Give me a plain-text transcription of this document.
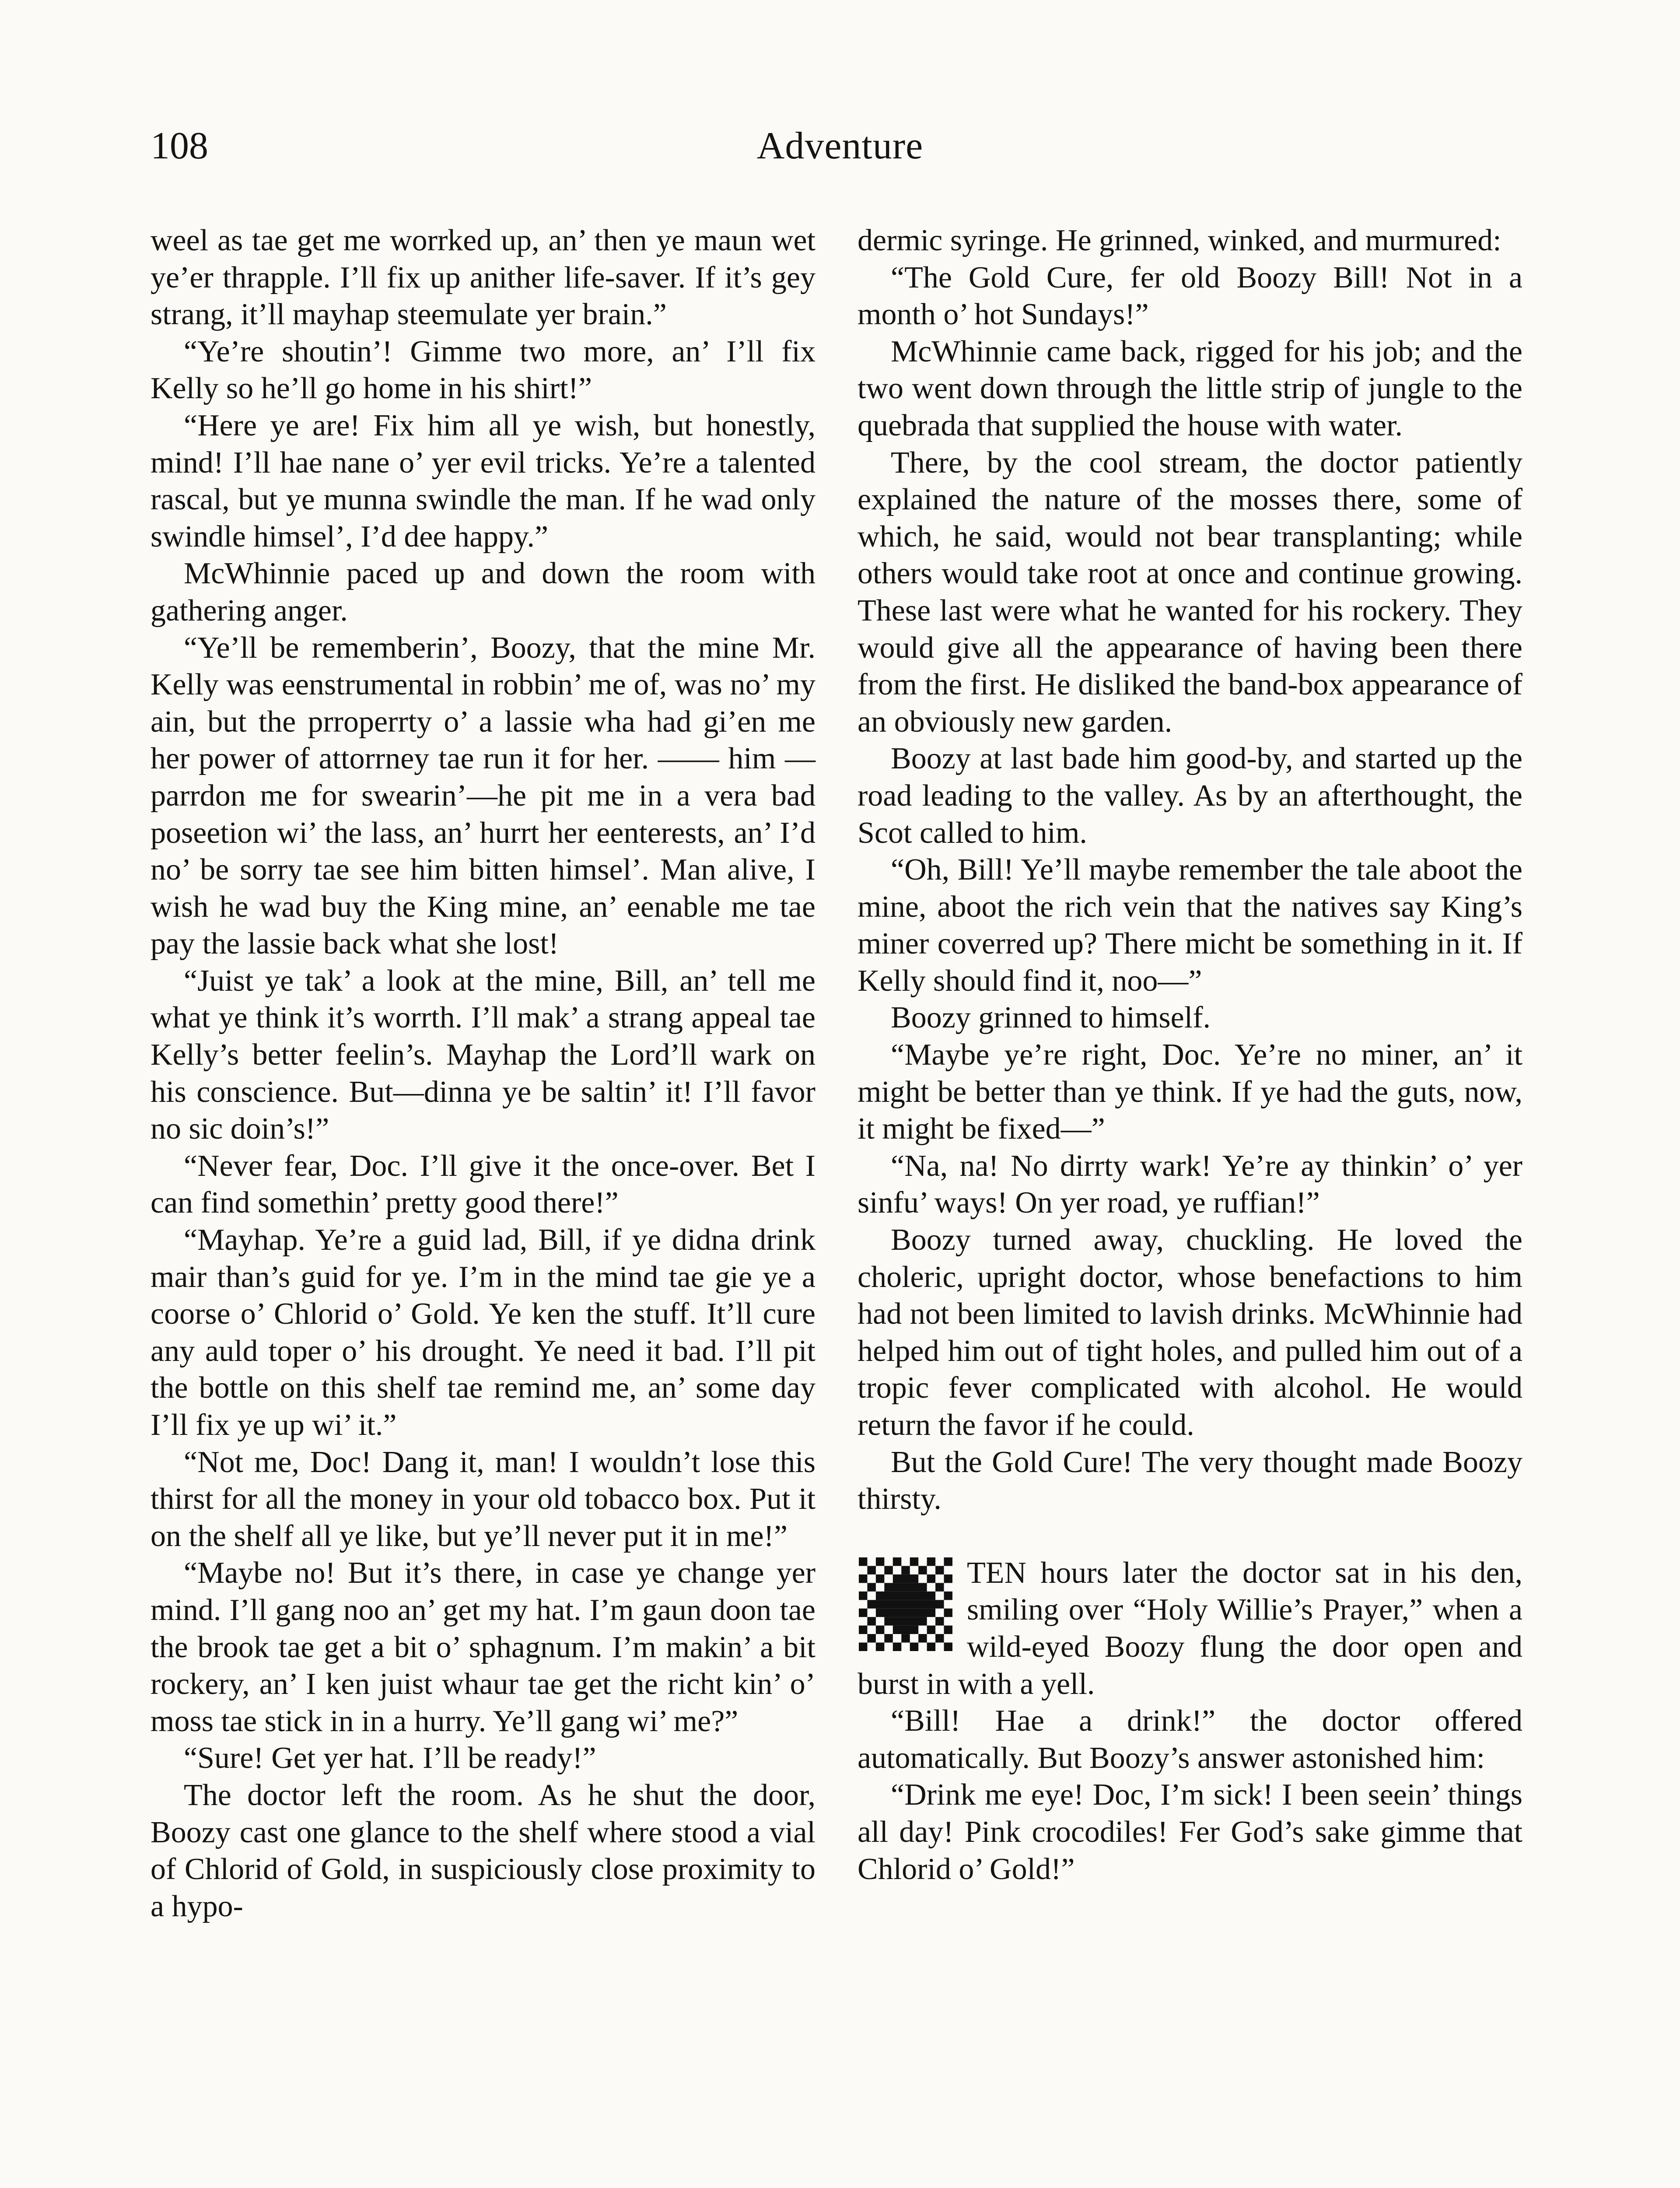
108	Adventure

weel as tae get me worrked up, an’ then ye maun wet ye’er thrapple. I’ll fix up anither life-saver. If it’s gey strang, it’ll mayhap steemulate yer brain.”

“Ye’re shoutin’! Gimme two more, an’ I’ll fix Kelly so he’ll go home in his shirt!”

“Here ye are! Fix him all ye wish, but honestly, mind! I’ll hae nane o’ yer evil tricks. Ye’re a talented rascal, but ye munna swindle the man. If he wad only swindle himsel’, I’d dee happy.”

McWhinnie paced up and down the room with gathering anger.

“Ye’ll be rememberin’, Boozy, that the mine Mr. Kelly was eenstrumental in robbin’ me of, was no’ my ain, but the prroperrty o’ a lassie wha had gi’en me her power of attorrney tae run it for her. —— him —parrdon me for swearin’—he pit me in a vera bad poseetion wi’ the lass, an’ hurrt her eenterests, an’ I’d no’ be sorry tae see him bitten himsel’. Man alive, I wish he wad buy the King mine, an’ eenable me tae pay the lassie back what she lost!

“Juist ye tak’ a look at the mine, Bill, an’ tell me what ye think it’s worrth. I’ll mak’ a strang appeal tae Kelly’s better feelin’s. Mayhap the Lord’ll wark on his conscience. But—dinna ye be saltin’ it! I’ll favor no sic doin’s!”

“Never fear, Doc. I’ll give it the once-over. Bet I can find somethin’ pretty good there!”

“Mayhap. Ye’re a guid lad, Bill, if ye didna drink mair than’s guid for ye. I’m in the mind tae gie ye a coorse o’ Chlorid o’ Gold. Ye ken the stuff. It’ll cure any auld toper o’ his drought. Ye need it bad. I’ll pit the bottle on this shelf tae remind me, an’ some day I’ll fix ye up wi’ it.”

“Not me, Doc! Dang it, man! I wouldn’t lose this thirst for all the money in your old tobacco box. Put it on the shelf all ye like, but ye’ll never put it in me!”

“Maybe no! But it’s there, in case ye change yer mind. I’ll gang noo an’ get my hat. I’m gaun doon tae the brook tae get a bit o’ sphagnum. I’m makin’ a bit rockery, an’ I ken juist whaur tae get the richt kin’ o’ moss tae stick in in a hurry. Ye’ll gang wi’ me?”

“Sure! Get yer hat. I’ll be ready!”

The doctor left the room. As he shut the door, Boozy cast one glance to the shelf where stood a vial of Chlorid of Gold, in suspiciously close proximity to a hypo-

dermic syringe. He grinned, winked, and murmured:

“The Gold Cure, fer old Boozy Bill! Not in a month o’ hot Sundays!”

McWhinnie came back, rigged for his job; and the two went down through the little strip of jungle to the quebrada that supplied the house with water.

There, by the cool stream, the doctor patiently explained the nature of the mosses there, some of which, he said, would not bear transplanting; while others would take root at once and continue growing. These last were what he wanted for his rockery. They would give all the appearance of having been there from the first. He disliked the band-box appearance of an obviously new garden.

Boozy at last bade him good-by, and started up the road leading to the valley. As by an afterthought, the Scot called to him.

“Oh, Bill! Ye’ll maybe remember the tale aboot the mine, aboot the rich vein that the natives say King’s miner coverred up? There micht be something in it. If Kelly should find it, noo—”

Boozy grinned to himself.

“Maybe ye’re right, Doc. Ye’re no miner, an’ it might be better than ye think. If ye had the guts, now, it might be fixed—”

“Na, na! No dirrty wark! Ye’re ay thinkin’ o’ yer sinfu’ ways! On yer road, ye ruffian!”

Boozy turned away, chuckling. He loved the choleric, upright doctor, whose benefactions to him had not been limited to lavish drinks. McWhinnie had helped him out of tight holes, and pulled him out of a tropic fever complicated with alcohol. He would return the favor if he could.

But the Gold Cure! The very thought made Boozy thirsty.

TEN hours later the doctor sat in his den, smiling over “Holy Willie’s Prayer,” when a wild-eyed Boozy flung the door open and burst in with a yell.

“Bill! Hae a drink!” the doctor offered automatically. But Boozy’s answer astonished him:

“Drink me eye! Doc, I’m sick! I been seein’ things all day! Pink crocodiles! Fer God’s sake gimme that Chlorid o’ Gold!”
